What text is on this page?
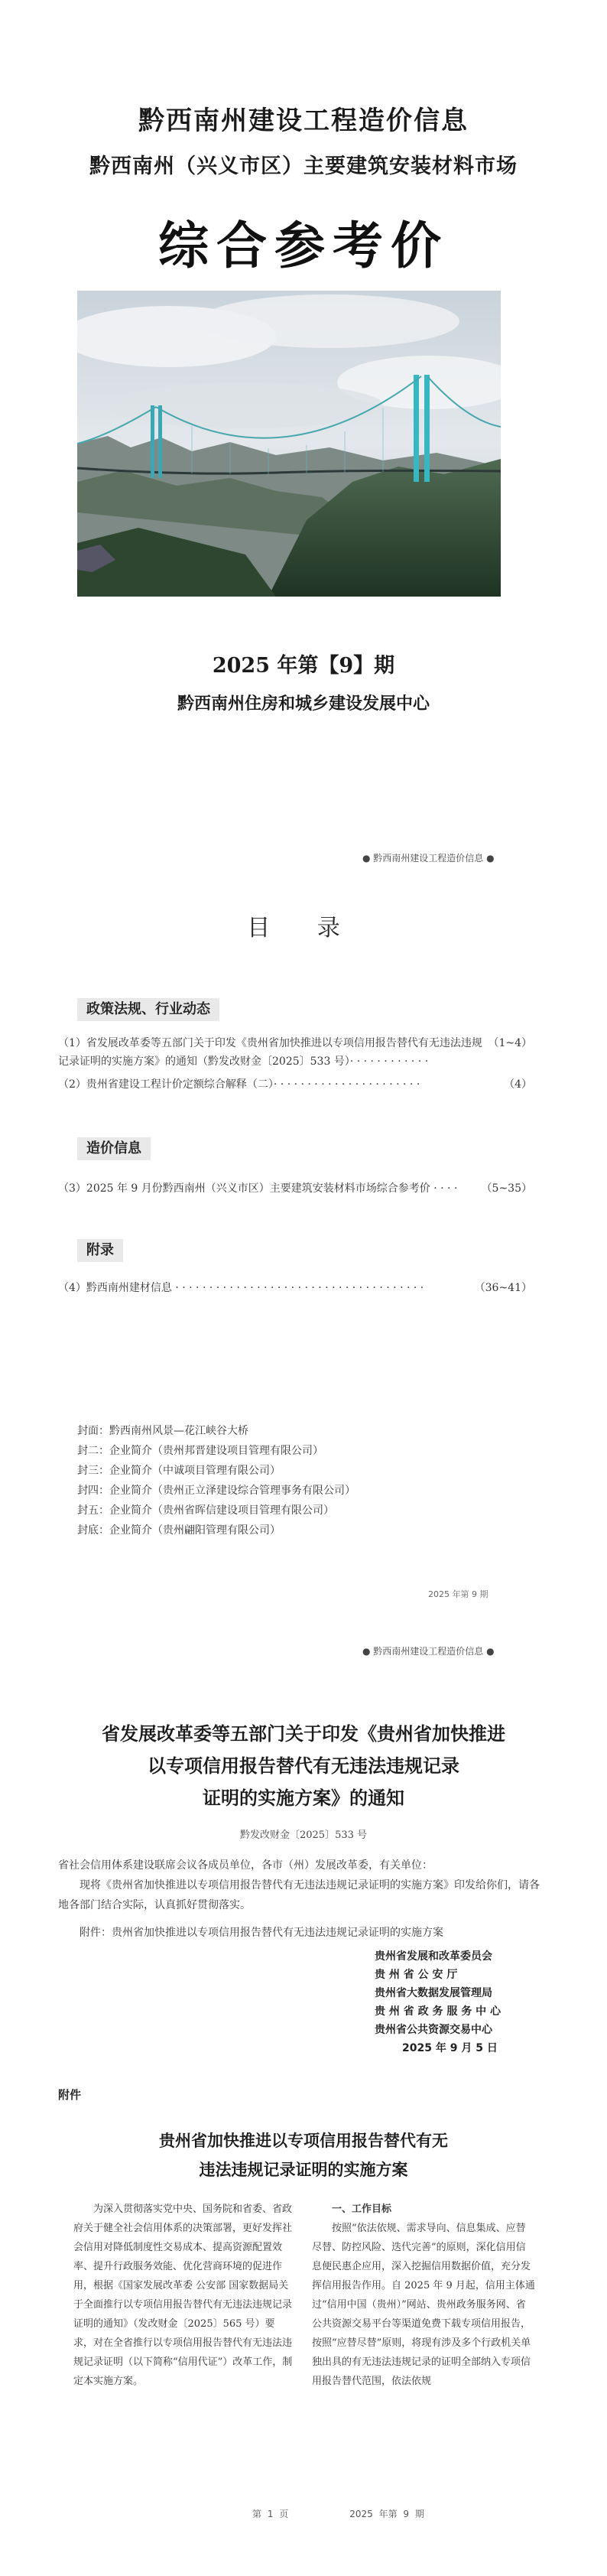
黔西南州建设工程造价信息
黔西南州（兴义市区）主要建筑安装材料市场
综合参考价
2025 年第【9】期
黔西南州住房和城乡建设发展中心
● 黔西南州建设工程造价信息 ●
目 录
政策法规、行业动态
（1~4）
（1）省发展改革委等五部门关于印发《贵州省加快推进以专项信用报告替代有无违法违规记录证明的实施方案》的通知（黔发改财金〔2025〕533 号）· · · · · · · · · · · ·
（4）
（2）贵州省建设工程计价定额综合解释（二）· · · · · · · · · · · · · · · · · · · · · ·
造价信息
（5~35）
（3）2025 年 9 月份黔西南州（兴义市区）主要建筑安装材料市场综合参考价 · · · ·
附录
（36~41）
（4）黔西南州建材信息 · · · · · · · · · · · · · · · · · · · · · · · · · · · · · · · · · · · · ·
封面：黔西南州风景—花江峡谷大桥
封二：企业简介（贵州邦晋建设项目管理有限公司）
封三：企业简介（中诚项目管理有限公司）
封四：企业简介（贵州正立泽建设综合管理事务有限公司）
封五：企业简介（贵州省晖信建设项目管理有限公司）
封底：企业简介（贵州翩阳管理有限公司）
2025 年第 9 期
● 黔西南州建设工程造价信息 ●
省发展改革委等五部门关于印发《贵州省加快推进
以专项信用报告替代有无违法违规记录
证明的实施方案》的通知
黔发改财金〔2025〕533 号
省社会信用体系建设联席会议各成员单位，各市（州）发展改革委，有关单位：
现将《贵州省加快推进以专项信用报告替代有无违法违规记录证明的实施方案》印发给你们，请各地各部门结合实际，认真抓好贯彻落实。
附件：贵州省加快推进以专项信用报告替代有无违法违规记录证明的实施方案
贵州省发展和改革委员会
贵 州 省 公 安 厅
贵州省大数据发展管理局
贵 州 省 政 务 服 务 中 心
贵州省公共资源交易中心
2025 年 9 月 5 日
附件
贵州省加快推进以专项信用报告替代有无
违法违规记录证明的实施方案
为深入贯彻落实党中央、国务院和省委、省政府关于健全社会信用体系的决策部署，更好发挥社会信用对降低制度性交易成本、提高资源配置效率、提升行政服务效能、优化营商环境的促进作用，根据《国家发展改革委 公安部 国家数据局关于全面推行以专项信用报告替代有无违法违规记录证明的通知》（发改财金〔2025〕565 号）要求，对在全省推行以专项信用报告替代有无违法违规记录证明（以下简称“信用代证”）改革工作，制定本实施方案。
一、工作目标
按照“依法依规、需求导向、信息集成、应替尽替、防控风险、迭代完善”的原则，深化信用信息便民惠企应用，深入挖掘信用数据价值，充分发挥信用报告作用。自 2025 年 9 月起，信用主体通过“信用中国（贵州）”网站、贵州政务服务网、省公共资源交易平台等渠道免费下载专项信用报告，按照“应替尽替”原则，将现有涉及多个行政机关单独出具的有无违法违规记录的证明全部纳入专项信用报告替代范围，依法依规
第 1 页	2025 年第 9 期
